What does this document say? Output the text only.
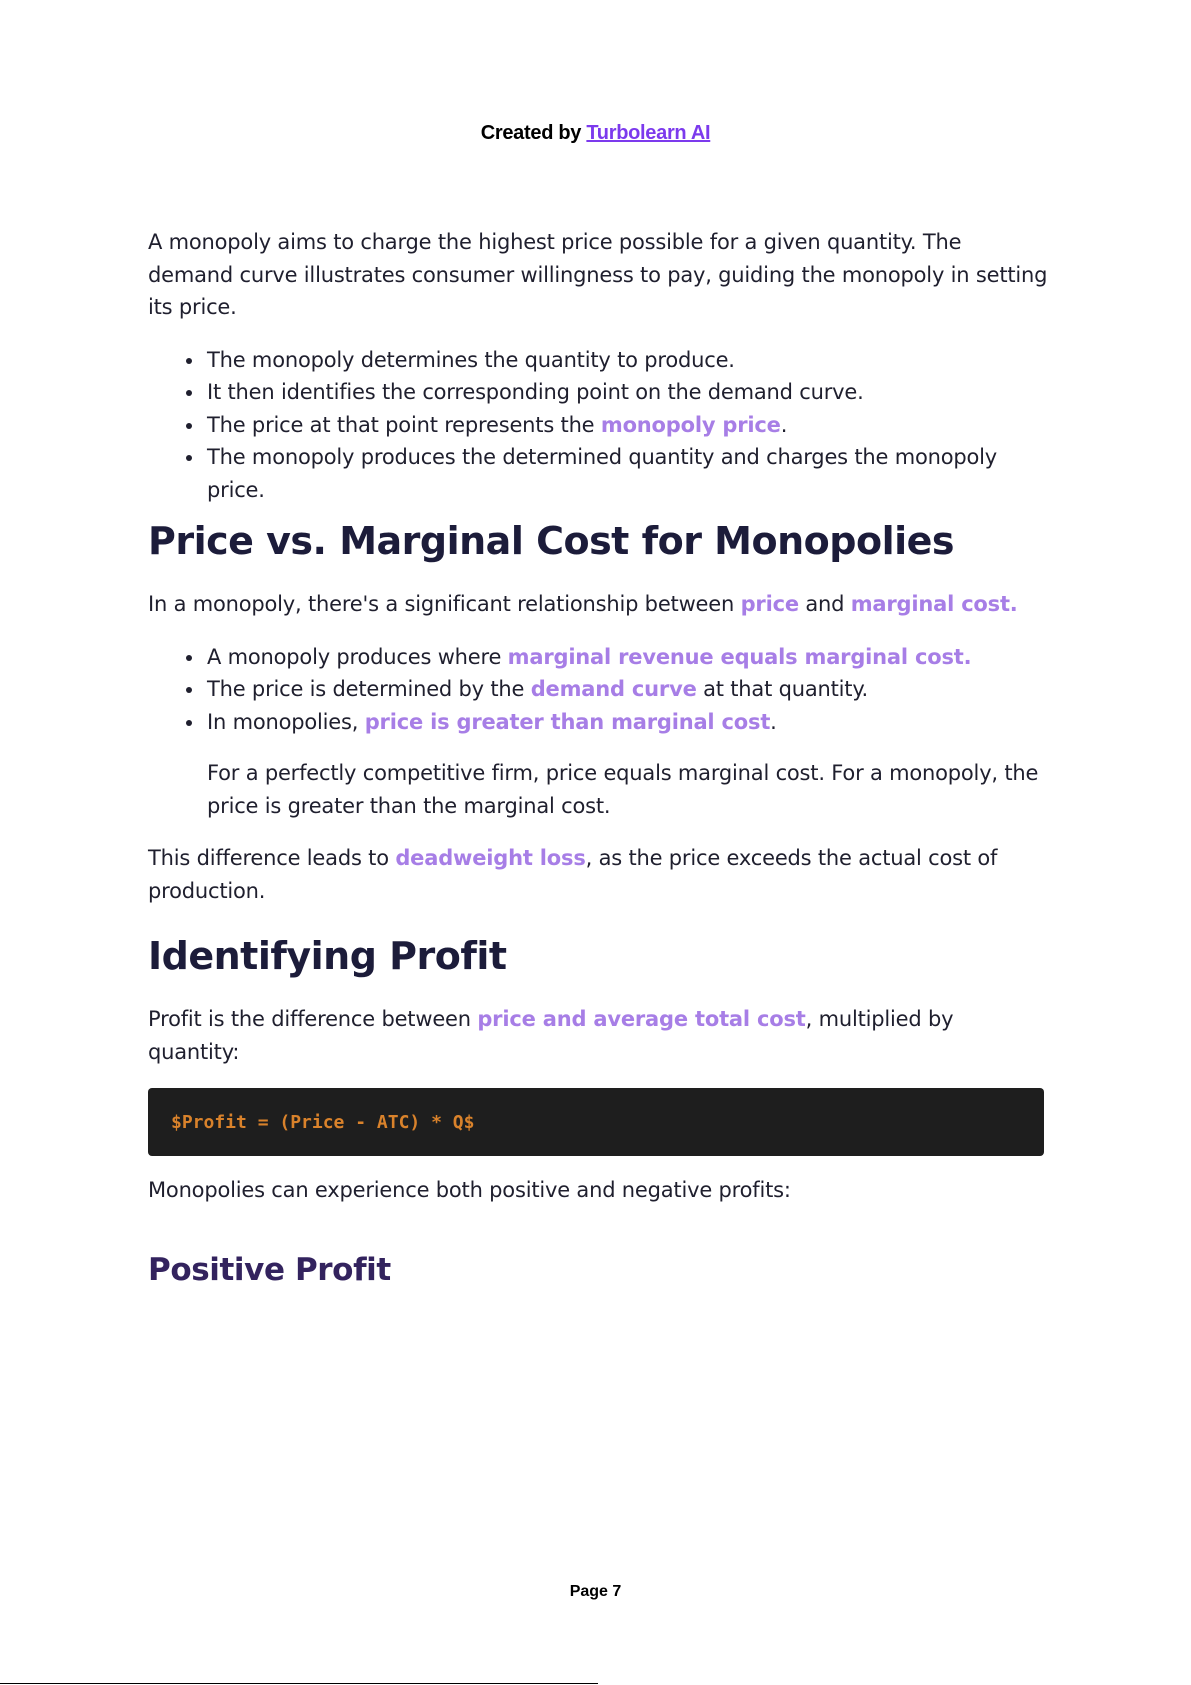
Created by Turbolearn AI

A monopoly aims to charge the highest price possible for a given quantity. The demand curve illustrates consumer willingness to pay, guiding the monopoly in setting its price.

The monopoly determines the quantity to produce.
It then identifies the corresponding point on the demand curve.
The price at that point represents the monopoly price.
The monopoly produces the determined quantity and charges the monopoly price.
Price vs. Marginal Cost for Monopolies

In a monopoly, there's a significant relationship between price and marginal cost.

A monopoly produces where marginal revenue equals marginal cost.
The price is determined by the demand curve at that quantity.
In monopolies, price is greater than marginal cost.

For a perfectly competitive firm, price equals marginal cost. For a monopoly, the price is greater than the marginal cost.

This difference leads to deadweight loss, as the price exceeds the actual cost of production.

Identifying Profit

Profit is the difference between price and average total cost, multiplied by quantity:

$Profit = (Price - ATC) * Q$

Monopolies can experience both positive and negative profits:

Positive Profit
Page 7
